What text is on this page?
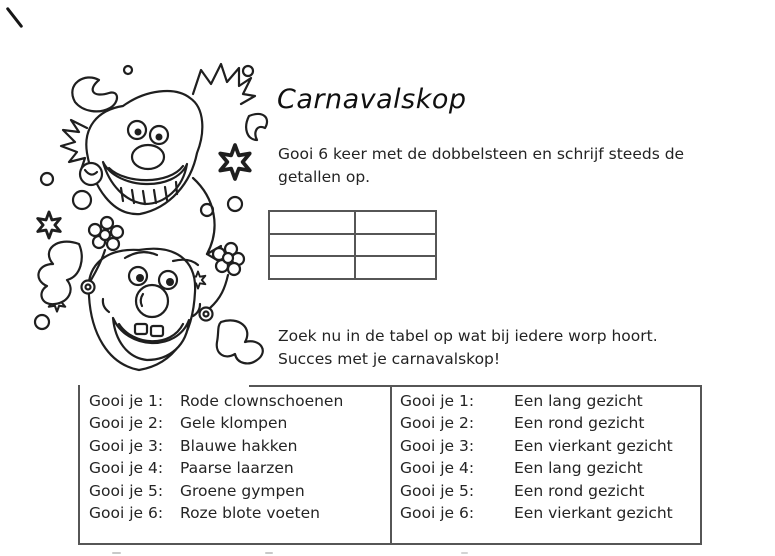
Carnavalskop
Gooi 6 keer met de dobbelsteen en schrijf steeds de
getallen op.

Zoek nu in de tabel op wat bij iedere worp hoort.
Succes met je carnavalskop!
Gooi je 1: Rode clownschoenen
Gooi je 2: Gele klompen
Gooi je 3: Blauwe hakken
Gooi je 4: Paarse laarzen
Gooi je 5: Groene gympen
Gooi je 6: Roze blote voeten
Gooi je 1:	Een lang gezicht
Gooi je 2:	Een rond gezicht
Gooi je 3:	Een vierkant gezicht
Gooi je 4:	Een lang gezicht
Gooi je 5:	Een rond gezicht
Gooi je 6:	Een vierkant gezicht
